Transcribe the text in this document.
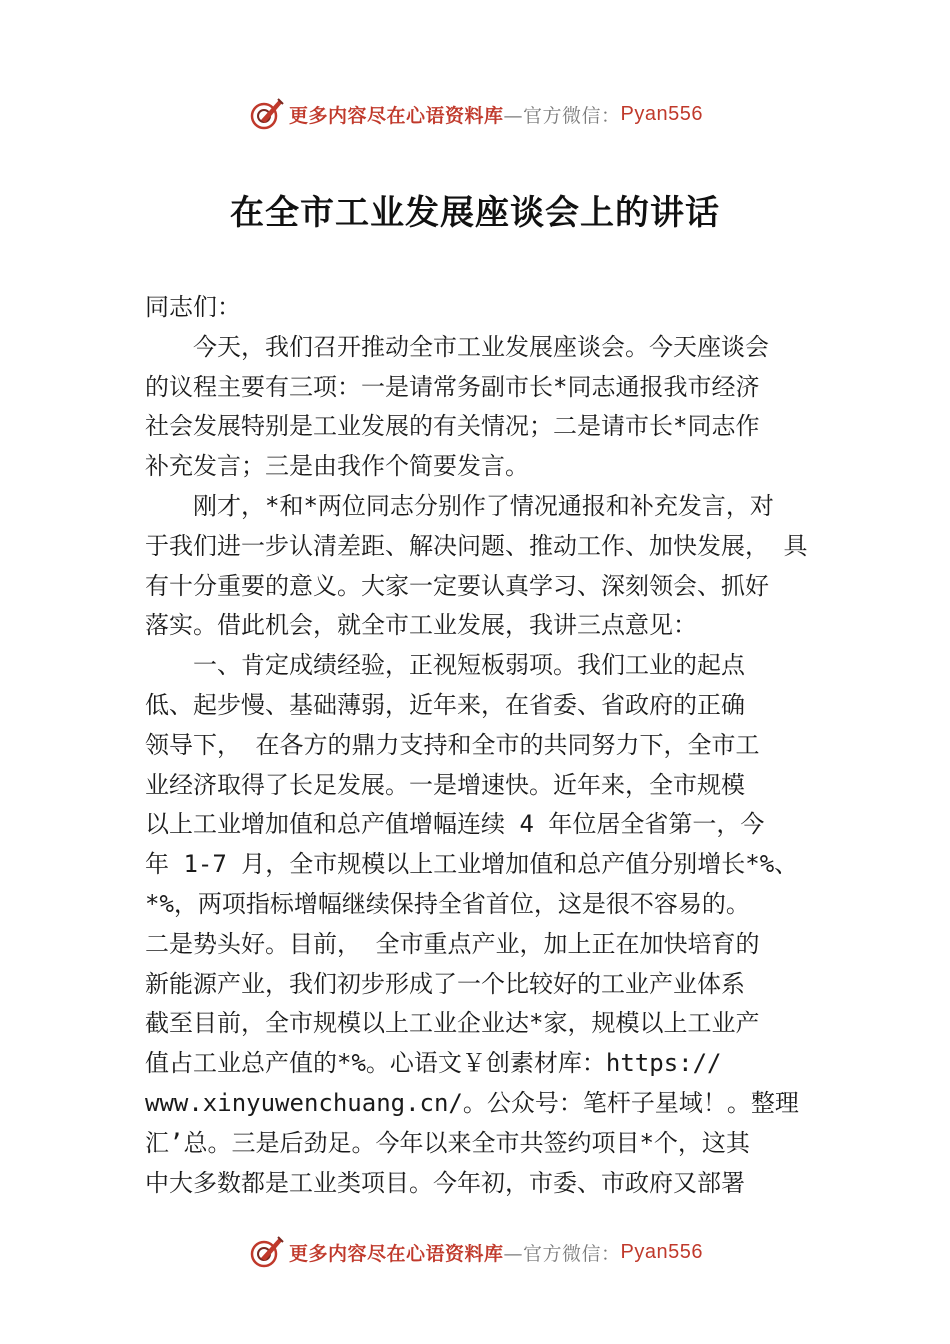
更多内容尽在心语资料库 —官方微信： Pyan556
在全市工业发展座谈会上的讲话
同志们：
　　今天，我们召开推动全市工业发展座谈会。今天座谈会
的议程主要有三项：一是请常务副市长*同志通报我市经济
社会发展特别是工业发展的有关情况；二是请市长*同志作
补充发言；三是由我作个简要发言。
　　刚才，*和*两位同志分别作了情况通报和补充发言，对
于我们进一步认清差距、解决问题、推动工作、加快发展， 具
有十分重要的意义。大家一定要认真学习、深刻领会、抓好
落实。借此机会，就全市工业发展，我讲三点意见：
　　一、肯定成绩经验，正视短板弱项。我们工业的起点
低、起步慢、基础薄弱，近年来，在省委、省政府的正确
领导下， 在各方的鼎力支持和全市的共同努力下，全市工
业经济取得了长足发展。一是增速快。近年来，全市规模
以上工业增加值和总产值增幅连续 4 年位居全省第一，今
年 1-7 月，全市规模以上工业增加值和总产值分别增长*%、
*%，两项指标增幅继续保持全省首位，这是很不容易的。
二是势头好。目前， 全市重点产业，加上正在加快培育的
新能源产业，我们初步形成了一个比较好的工业产业体系
截至目前，全市规模以上工业企业达*家，规模以上工业产
值占工业总产值的*%。心语文￥创素材库：https://
www.xinyuwenchuang.cn/。公众号：笔杆子星域！。整理
汇’总。三是后劲足。今年以来全市共签约项目*个，这其
中大多数都是工业类项目。今年初，市委、市政府又部署
更多内容尽在心语资料库 —官方微信： Pyan556
